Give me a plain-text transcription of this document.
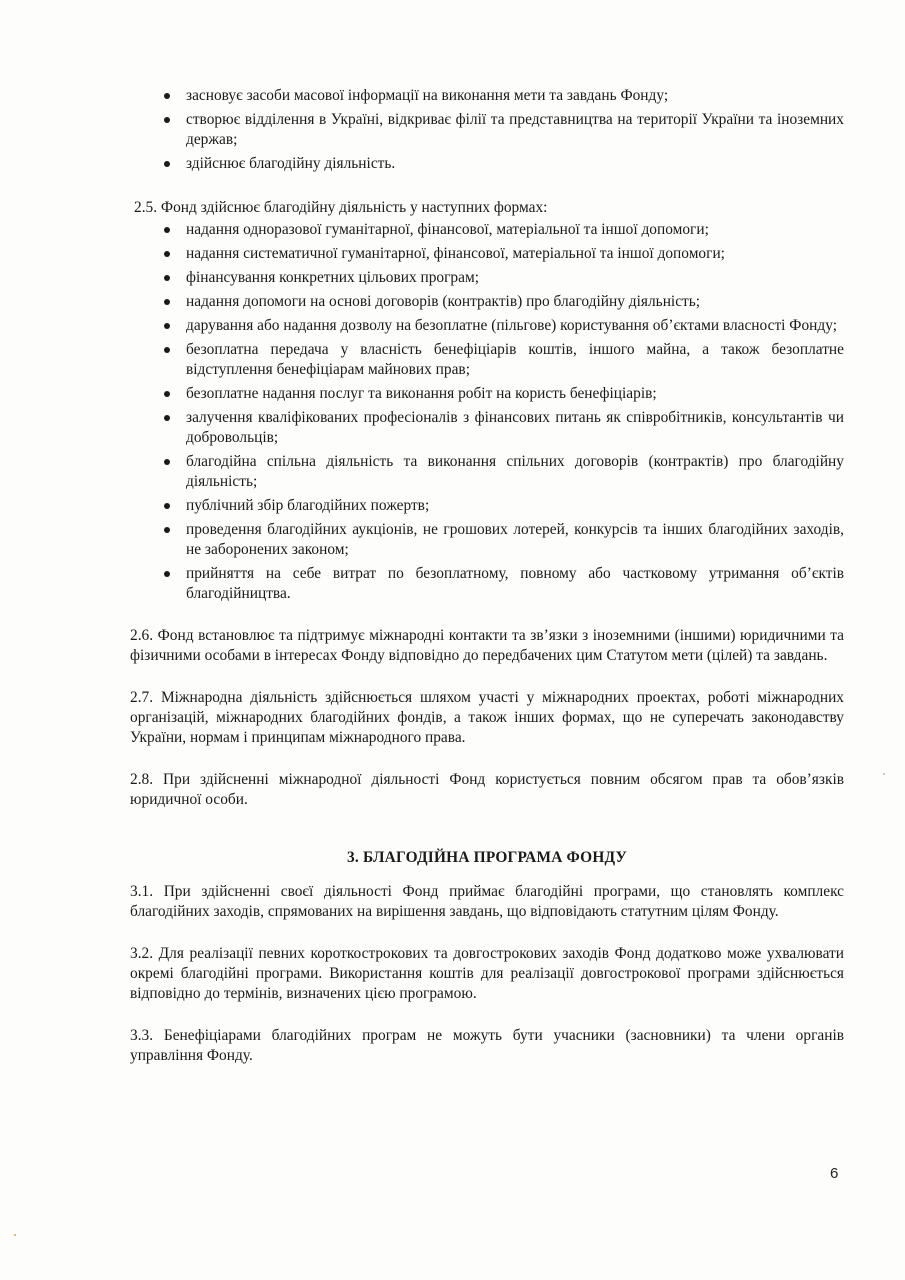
засновує засоби масової інформації на виконання мети та завдань Фонду;
створює відділення в Україні, відкриває філії та представництва на території України та іноземних держав;
здійснює благодійну діяльність.

2.5. Фонд здійснює благодійну діяльність у наступних формах:

надання одноразової гуманітарної, фінансової, матеріальної та іншої допомоги;
надання систематичної гуманітарної, фінансової, матеріальної та іншої допомоги;
фінансування конкретних цільових програм;
надання допомоги на основі договорів (контрактів) про благодійну діяльність;
дарування або надання дозволу на безоплатне (пільгове) користування об’єктами власності Фонду;
безоплатна передача у власність бенефіціарів коштів, іншого майна, а також безоплатне відступлення бенефіціарам майнових прав;
безоплатне надання послуг та виконання робіт на користь бенефіціарів;
залучення кваліфікованих професіоналів з фінансових питань як співробітників, консультантів чи добровольців;
благодійна спільна діяльність та виконання спільних договорів (контрактів) про благодійну діяльність;
публічний збір благодійних пожертв;
проведення благодійних аукціонів, не грошових лотерей, конкурсів та інших благодійних заходів, не заборонених законом;
прийняття на себе витрат по безоплатному, повному або частковому утримання об’єктів благодійництва.

2.6. Фонд встановлює та підтримує міжнародні контакти та зв’язки з іноземними (іншими) юридичними та фізичними особами в інтересах Фонду відповідно до передбачених цим Статутом мети (цілей) та завдань.

2.7. Міжнародна діяльність здійснюється шляхом участі у міжнародних проектах, роботі міжнародних організацій, міжнародних благодійних фондів, а також інших формах, що не суперечать законодавству України, нормам і принципам міжнародного права.

2.8. При здійсненні міжнародної діяльності Фонд користується повним обсягом прав та обов’язків юридичної особи.

3. БЛАГОДІЙНА ПРОГРАМА ФОНДУ

3.1. При здійсненні своєї діяльності Фонд приймає благодійні програми, що становлять комплекс благодійних заходів, спрямованих на вирішення завдань, що відповідають статутним цілям Фонду.

3.2. Для реалізації певних короткострокових та довгострокових заходів Фонд додатково може ухвалювати окремі благодійні програми. Використання коштів для реалізації довгострокової програми здійснюється відповідно до термінів, визначених цією програмою.

3.3. Бенефіціарами благодійних програм не можуть бути учасники (засновники) та члени органів управління Фонду.

6
